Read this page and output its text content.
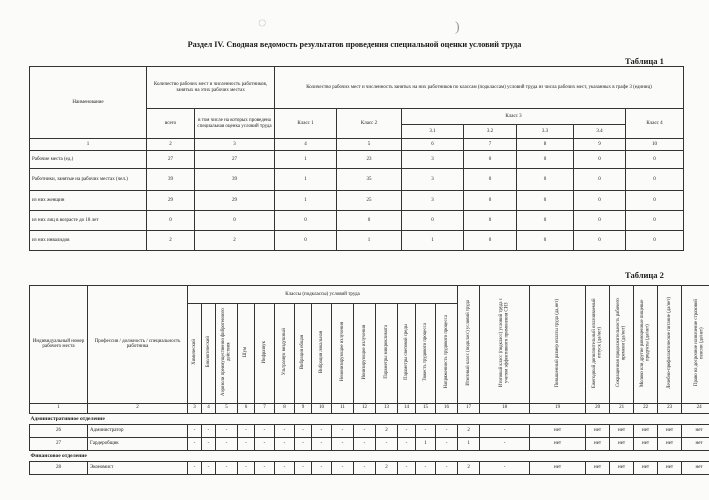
◌	)
Раздел IV. Сводная ведомость результатов проведения специальной оценки условий труда
Таблица 1
Наименование	Количество рабочих мест и численность работников, занятых на этих рабочих местах		Количество рабочих мест и численность занятых на них работников по классам (подклассам) условий труда из числа рабочих мест, указанных в графе 3 (единиц)						
	всего	в том числе на которых проведена специальная оценка условий труда	Класс 1	Класс 2	Класс 3				Класс 4
					3.1	3.2	3.3	3.4	
1	2	3	4	5	6	7	8	9	10
Рабочие места (ед.)	27	27	1	23	3	0	0	0	0
Работники, занятые на рабочих местах (чел.)	39	39	1	35	3	0	0	0	0
из них женщин	29	29	1	25	3	0	0	0	0
из них лиц в возрасте до 18 лет	0	0	0	0	0	0	0	0	0
из них инвалидов	2	2	0	1	1	0	0	0	0
Таблица 2
Индивидуальный номер рабочего места	Профессия / должность / специальность работника	Классы (подклассы) условий труда														Итоговый класс (подкласс) условий труда	Итоговый класс (подкласс) условий труда с учетом эффективного применения СИЗ	Повышенный размер оплаты труда (да,нет)	Ежегодный дополнительный оплачиваемый отпуск (да/нет)	Сокращенная продолжительность рабочего времени (да/нет)	Молоко или другие равноценные пищевые продукты (да/нет)	Лечебно-профилактическое питание (да/нет)	Право на досрочное назначение страховой пенсии (да/нет)
		Химический	Биологический	Аэрозоли преимущественно фиброгенного действия	Шум	Инфразвук	Ультразвук воздушный	Вибрация общая	Вибрация локальная	Неионизирующие излучения	Ионизирующие излучения	Параметры микроклимата	Параметры световой среды	Тяжесть трудового процесса	Напряженность трудового процесса								
1	2	3	4	5	6	7	8	9	10	11	12	13	14	15	16	17	18	19	20	21	22	23	24
Административное отделение																							
26	Администратор	-	-	-	-	-	-	-	-	-	-	2	-	-	-	2	-	нет	нет	нет	нет	нет	нет
27	Гардеробщик	-	-	-	-	-	-	-	-	-	-	-	-	1	-	1	-	нет	нет	нет	нет	нет	нет
Финансовое отделение																							
28	Экономист	-	-	-	-	-	-	-	-	-	-	2	-	-	-	2	-	нет	нет	нет	нет	нет	нет
